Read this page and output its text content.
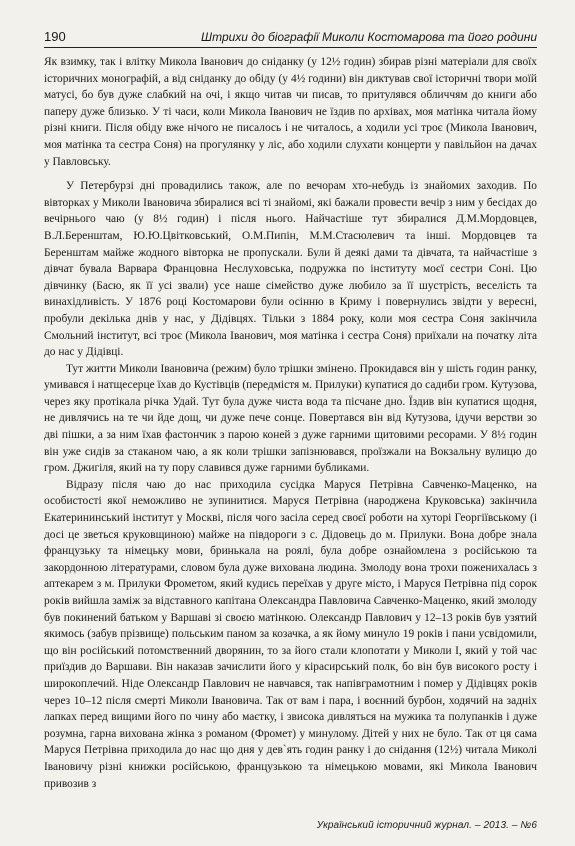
190	Штрихи до біографії Миколи Костомарова та його родини

Як взимку, так і влітку Микола Іванович до сніданку (у 12½ годин) збирав різні матеріали для своїх історичних монографій, а від сніданку до обіду (у 4½ години) він диктував свої історичні твори моїй матусі, бо був дуже слабкий на очі, і якщо читав чи писав, то притулявся обличчям до книги або паперу дуже близько. У ті часи, коли Микола Іванович не їздив по архівах, моя матінка читала йому різні книги. Після обіду вже нічого не писалось і не читалось, а ходили усі троє (Микола Іванович, моя матінка та сестра Соня) на прогулянку у ліс, або ходили слухати концерти у павільйон на дачах у Павловську.

У Петербурзі дні провадились також, але по вечорам хто-небудь із знайомих заходив. По вівторках у Миколи Івановича збиралися всі ті знайомі, які бажали провести вечір з ним у бесідах до вечірнього чаю (у 8½ годин) і після нього. Найчастіше тут збиралися Д.М.Мордовцев, В.Л.Беренштам, Ю.Ю.Цвітковський, О.М.Пипін, М.М.Стасюлевич та інші. Мордовцев та Беренштам майже жодного вівторка не пропускали. Були й деякі дами та дівчата, та найчастіше з дівчат бувала Варвара Францовна Неслуховська, подружка по інституту моєї сестри Соні. Цю дівчинку (Басю, як її усі звали) усе наше сімейство дуже любило за її шустрість, веселість та винахідливість. У 1876 році Костомарови були осінню в Криму і повернулись звідти у вересні, пробули декілька днів у нас, у Дідівцях. Тільки з 1884 року, коли моя сестра Соня закінчила Смольний інститут, всі троє (Микола Іванович, моя матінка і сестра Соня) приїхали на початку літа до нас у Дідівці.

Тут житти Миколи Івановича (режим) було трішки змінено. Прокидався він у шість годин ранку, умивався і натщесерце їхав до Кустівців (передмістя м. Прилуки) купатися до садиби гром. Кутузова, через яку протікала річка Удай. Тут була дуже чиста вода та пісчане дно. Їздив він купатися щодня, не дивлячись на те чи йде дощ, чи дуже пече сонце. Повертався він від Кутузова, ідучи верстви зо дві пішки, а за ним їхав фастончик з парою коней з дуже гарними щитовими ресорами. У 8½ годин він уже сидів за стаканом чаю, а як коли трішки запізнювався, проїзжали на Вокзальну вулицю до гром. Джигіля, який на ту пору славився дуже гарними бубликами.

Відразу після чаю до нас приходила сусідка Маруся Петрівна Савченко-Маценко, на особистості якої неможливо не зупинитися. Маруся Петрівна (народжена Круковська) закінчила Екатерининський інститут у Москві, після чого засіла серед своєї роботи на хуторі Георгіївському (і досі це зветься круковщиною) майже на півдороги з с. Дідовець до м. Прилуки. Вона добре знала французьку та німецьку мови, бринькала на роялі, була добре ознайомлена з російською та закордонною літературами, словом була дуже вихована людина. Змолоду вона трохи поженихалась з аптекарем з м. Прилуки Фрометом, який кудись переїхав у друге місто, і Маруся Петрівна під сорок років вийшла заміж за відставного капітана Олександра Павловича Савченко-Маценко, який змолоду був покинений батьком у Варшаві зі своєю матінкою. Олександр Павлович у 12–13 років був узятий якимось (забув прізвище) польським паном за козачка, а як йому минуло 19 років і пани усвідомили, що він російський потомственний дворянин, то за його стали клопотати у Миколи I, який у той час приїздив до Варшави. Він наказав зачислити його у кірасирський полк, бо він був високого росту і широкоплечий. Ніде Олександр Павлович не навчався, так напівграмотним і помер у Дідівцях років через 10–12 після смерті Миколи Івановича. Так от вам і пара, і воєнний бурбон, ходячий на задніх лапках перед вищими його по чину або маєтку, і звисока дивляться на мужика та полупанків і дуже розумна, гарна вихована жінка з романом (Фромет) у минулому. Дітей у них не було. Так от ця сама Маруся Петрівна приходила до нас що дня у дев`ять годин ранку і до снідання (12½) читала Миколі Івановичу різні книжки російською, французькою та німецькою мовами, які Микола Іванович привозив з

Український історичний журнал. – 2013. – №6
